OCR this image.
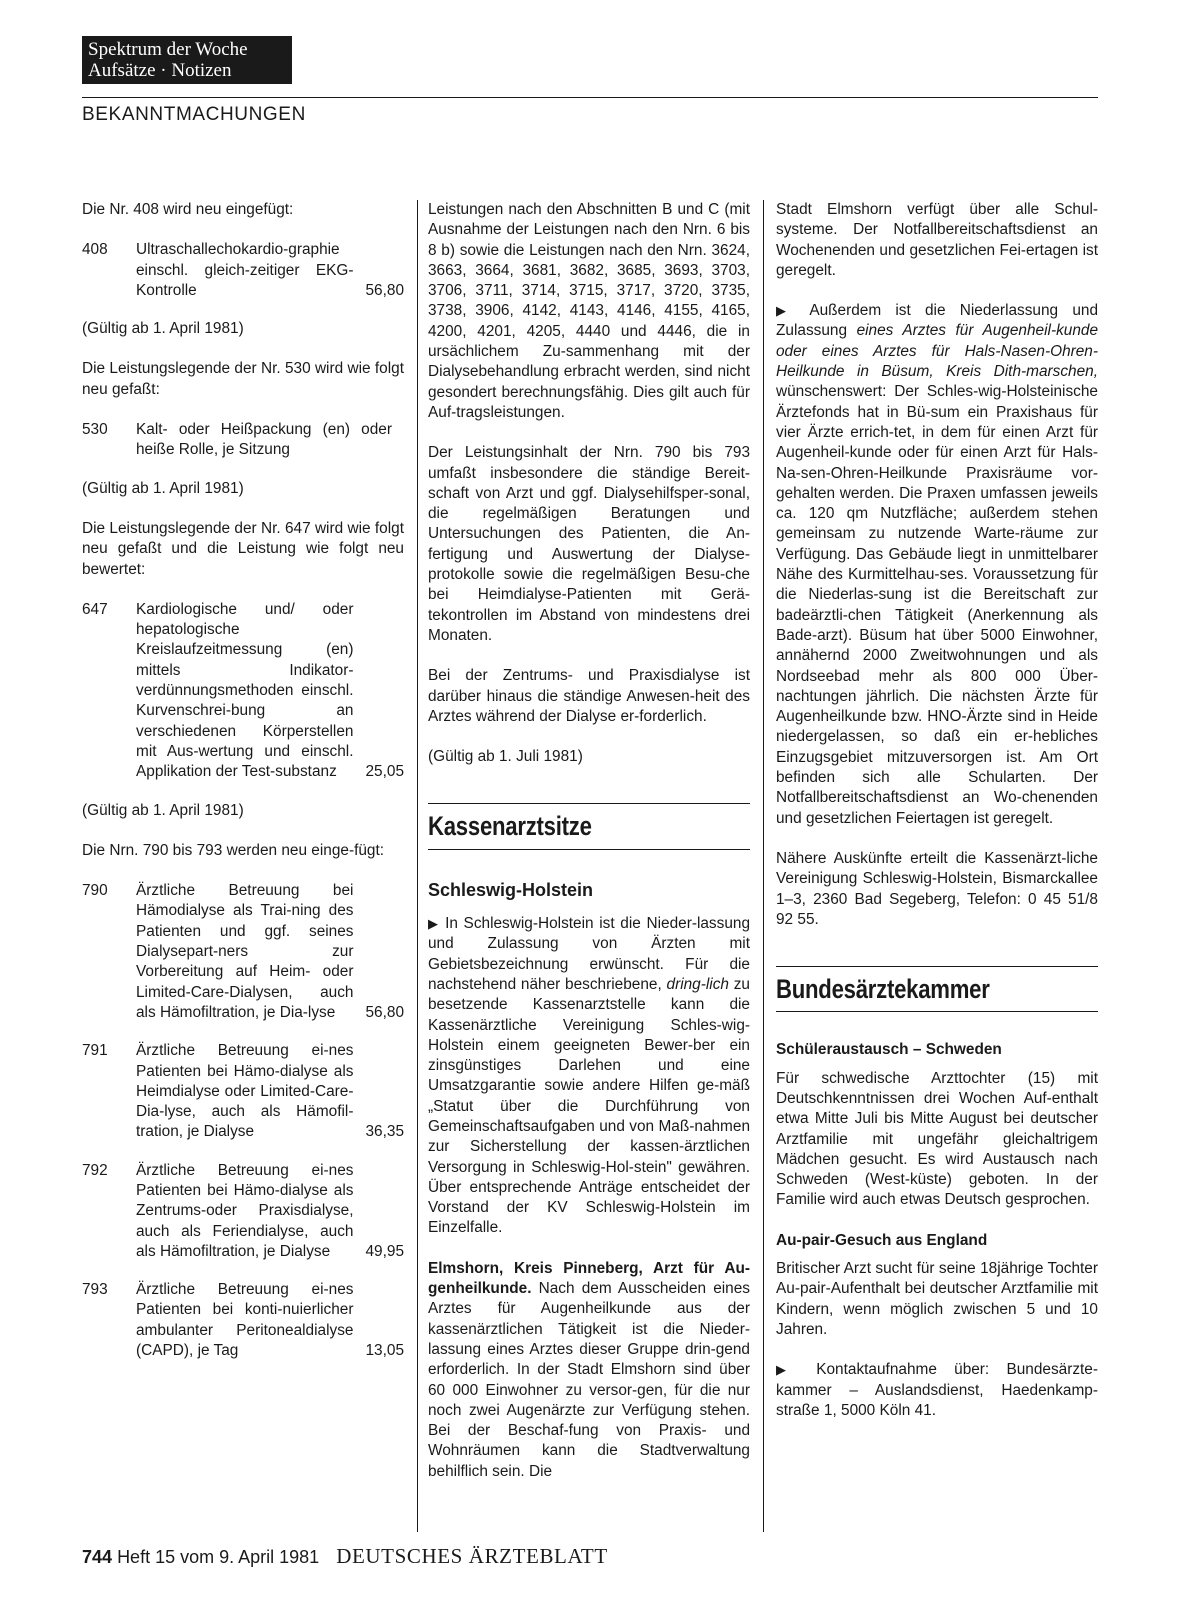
Spektrum der Woche
Aufsätze · Notizen
BEKANNTMACHUNGEN

Die Nr. 408 wird neu eingefügt:

408	Ultraschallechokardio-graphie einschl. gleich-zeitiger EKG-Kontrolle	56,80

(Gültig ab 1. April 1981)

Die Leistungslegende der Nr. 530 wird wie folgt neu gefaßt:

530	Kalt- oder Heißpackung (en) oder heiße Rolle, je Sitzung

(Gültig ab 1. April 1981)

Die Leistungslegende der Nr. 647 wird wie folgt neu gefaßt und die Leistung wie folgt neu bewertet:

647	Kardiologische und/ oder hepatologische Kreislaufzeitmessung (en) mittels Indikator-verdünnungsmethoden einschl. Kurvenschrei-bung an verschiedenen Körperstellen mit Aus-wertung und einschl. Applikation der Test-substanz	25,05

(Gültig ab 1. April 1981)

Die Nrn. 790 bis 793 werden neu einge-fügt:

790	Ärztliche Betreuung bei Hämodialyse als Trai-ning des Patienten und ggf. seines Dialysepart-ners zur Vorbereitung auf Heim- oder Limited-Care-Dialysen, auch als Hämofiltration, je Dia-lyse	56,80
791	Ärztliche Betreuung ei-nes Patienten bei Hämo-dialyse als Heimdialyse oder Limited-Care-Dia-lyse, auch als Hämofil-tration, je Dialyse	36,35
792	Ärztliche Betreuung ei-nes Patienten bei Hämo-dialyse als Zentrums-oder Praxisdialyse, auch als Feriendialyse, auch als Hämofiltration, je Dialyse	49,95
793	Ärztliche Betreuung ei-nes Patienten bei konti-nuierlicher ambulanter Peritonealdialyse (CAPD), je Tag	13,05

Leistungen nach den Abschnitten B und C (mit Ausnahme der Leistungen nach den Nrn. 6 bis 8 b) sowie die Leistungen nach den Nrn. 3624, 3663, 3664, 3681, 3682, 3685, 3693, 3703, 3706, 3711, 3714, 3715, 3717, 3720, 3735, 3738, 3906, 4142, 4143, 4146, 4155, 4165, 4200, 4201, 4205, 4440 und 4446, die in ursächlichem Zu-sammenhang mit der Dialysebehandlung erbracht werden, sind nicht gesondert berechnungsfähig. Dies gilt auch für Auf-tragsleistungen.

Der Leistungsinhalt der Nrn. 790 bis 793 umfaßt insbesondere die ständige Bereit-schaft von Arzt und ggf. Dialysehilfsper-sonal, die regelmäßigen Beratungen und Untersuchungen des Patienten, die An-fertigung und Auswertung der Dialyse-protokolle sowie die regelmäßigen Besu-che bei Heimdialyse-Patienten mit Gerä-tekontrollen im Abstand von mindestens drei Monaten.

Bei der Zentrums- und Praxisdialyse ist darüber hinaus die ständige Anwesen-heit des Arztes während der Dialyse er-forderlich.

(Gültig ab 1. Juli 1981)

Kassenarztsitze
Schleswig-Holstein

▶ In Schleswig-Holstein ist die Nieder-lassung und Zulassung von Ärzten mit Gebietsbezeichnung erwünscht. Für die nachstehend näher beschriebene, dring-lich zu besetzende Kassenarztstelle kann die Kassenärztliche Vereinigung Schles-wig-Holstein einem geeigneten Bewer-ber ein zinsgünstiges Darlehen und eine Umsatzgarantie sowie andere Hilfen ge-mäß „Statut über die Durchführung von Gemeinschaftsaufgaben und von Maß-nahmen zur Sicherstellung der kassen-ärztlichen Versorgung in Schleswig-Hol-stein" gewähren. Über entsprechende Anträge entscheidet der Vorstand der KV Schleswig-Holstein im Einzelfalle.

Elmshorn, Kreis Pinneberg, Arzt für Au-genheilkunde. Nach dem Ausscheiden eines Arztes für Augenheilkunde aus der kassenärztlichen Tätigkeit ist die Nieder-lassung eines Arztes dieser Gruppe drin-gend erforderlich. In der Stadt Elmshorn sind über 60 000 Einwohner zu versor-gen, für die nur noch zwei Augenärzte zur Verfügung stehen. Bei der Beschaf-fung von Praxis- und Wohnräumen kann die Stadtverwaltung behilflich sein. Die

Stadt Elmshorn verfügt über alle Schul-systeme. Der Notfallbereitschaftsdienst an Wochenenden und gesetzlichen Fei-ertagen ist geregelt.

▶ Außerdem ist die Niederlassung und Zulassung eines Arztes für Augenheil-kunde oder eines Arztes für Hals-Nasen-Ohren-Heilkunde in Büsum, Kreis Dith-marschen, wünschenswert: Der Schles-wig-Holsteinische Ärztefonds hat in Bü-sum ein Praxishaus für vier Ärzte errich-tet, in dem für einen Arzt für Augenheil-kunde oder für einen Arzt für Hals-Na-sen-Ohren-Heilkunde Praxisräume vor-gehalten werden. Die Praxen umfassen jeweils ca. 120 qm Nutzfläche; außerdem stehen gemeinsam zu nutzende Warte-räume zur Verfügung. Das Gebäude liegt in unmittelbarer Nähe des Kurmittelhau-ses. Voraussetzung für die Niederlas-sung ist die Bereitschaft zur badeärztli-chen Tätigkeit (Anerkennung als Bade-arzt). Büsum hat über 5000 Einwohner, annähernd 2000 Zweitwohnungen und als Nordseebad mehr als 800 000 Über-nachtungen jährlich. Die nächsten Ärzte für Augenheilkunde bzw. HNO-Ärzte sind in Heide niedergelassen, so daß ein er-hebliches Einzugsgebiet mitzuversorgen ist. Am Ort befinden sich alle Schularten. Der Notfallbereitschaftsdienst an Wo-chenenden und gesetzlichen Feiertagen ist geregelt.

Nähere Auskünfte erteilt die Kassenärzt-liche Vereinigung Schleswig-Holstein, Bismarckallee 1–3, 2360 Bad Segeberg, Telefon: 0 45 51/8 92 55.

Bundesärztekammer
Schüleraustausch – Schweden

Für schwedische Arzttochter (15) mit Deutschkenntnissen drei Wochen Auf-enthalt etwa Mitte Juli bis Mitte August bei deutscher Arztfamilie mit ungefähr gleichaltrigem Mädchen gesucht. Es wird Austausch nach Schweden (West-küste) geboten. In der Familie wird auch etwas Deutsch gesprochen.

Au-pair-Gesuch aus England

Britischer Arzt sucht für seine 18jährige Tochter Au-pair-Aufenthalt bei deutscher Arztfamilie mit Kindern, wenn möglich zwischen 5 und 10 Jahren.

▶ Kontaktaufnahme über: Bundesärzte-kammer – Auslandsdienst, Haedenkamp-straße 1, 5000 Köln 41.

744 Heft 15 vom 9. April 1981 DEUTSCHES ÄRZTEBLATT
